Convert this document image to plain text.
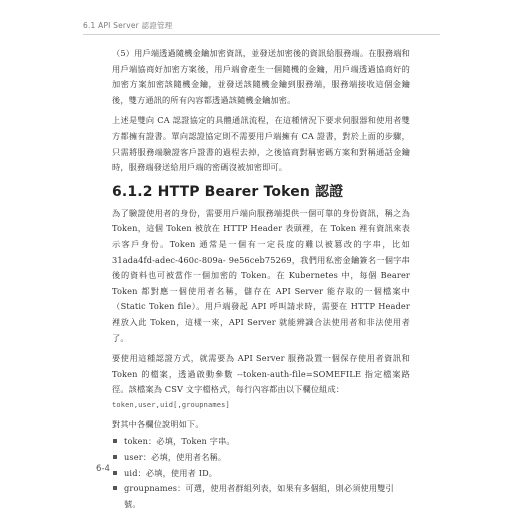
6.1 API Server 認證管理

（5）用戶端透過隨機金鑰加密資訊，並發送加密後的資訊給服務端。在服務端和用戶端協商好加密方案後，用戶端會產生一個隨機的金鑰，用戶端透過協商好的加密方案加密該隨機金鑰，並發送該隨機金鑰到服務端，服務端接收這個金鑰後，雙方通訊的所有內容都透過該隨機金鑰加密。

上述是雙向 CA 認證協定的具體通訊流程，在這種情況下要求伺服器和使用者雙方都擁有證書。單向認證協定則不需要用戶端擁有 CA 證書，對於上面的步驟，只需將服務端驗證客戶證書的過程去掉，之後協商對稱密碼方案和對稱通話金鑰時，服務端發送給用戶端的密碼沒被加密即可。

6.1.2 HTTP Bearer Token 認證

為了驗證使用者的身份，需要用戶端向服務端提供一個可靠的身份資訊，稱之為 Token，這個 Token 被放在 HTTP Header 表頭裡，在 Token 裡有資訊來表示客戶身份。Token 通常是一個有一定長度的難以被篡改的字串，比如 31ada4fd-adec-460c-809a- 9e56ceb75269，我們用私密金鑰簽名一個字串後的資料也可被當作一個加密的 Token。在 Kubernetes 中，每個 Bearer Token 都對應一個使用者名稱，儲存在 API Server 能存取的一個檔案中（Static Token file）。用戶端發起 API 呼叫請求時，需要在 HTTP Header 裡放入此 Token，這樣一來，API Server 就能辨識合法使用者和非法使用者了。

要使用這種認證方式，就需要為 API Server 服務設置一個保存使用者資訊和 Token 的檔案，透過啟動參數 --token-auth-file=SOMEFILE 指定檔案路徑。該檔案為 CSV 文字檔格式，每行內容都由以下欄位組成：

token,user,uid[,groupnames]

對其中各欄位說明如下。

token：必填，Token 字串。
user：必填，使用者名稱。
uid：必填，使用者 ID。
groupnames：可選，使用者群組列表，如果有多個組，則必須使用雙引號。
6-4
